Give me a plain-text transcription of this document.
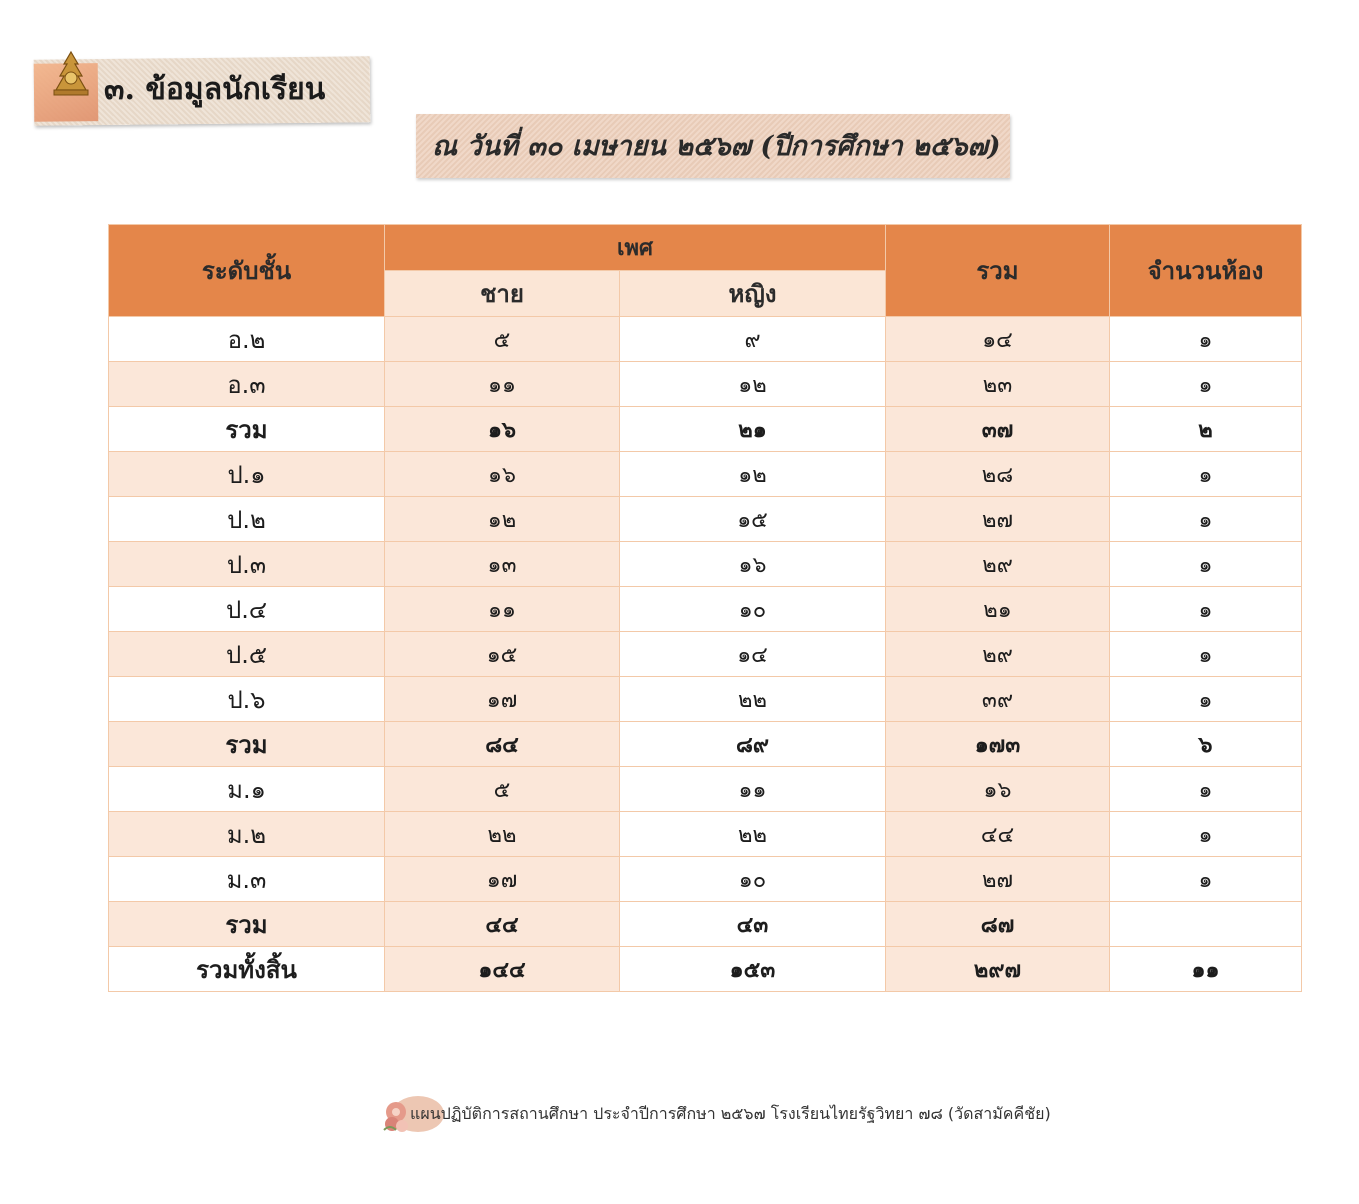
๓. ข้อมูลนักเรียน
ณ วันที่ ๓๐ เมษายน ๒๕๖๗ (ปีการศึกษา ๒๕๖๗)
ระดับชั้น	เพศ		รวม	จำนวนห้อง
	ชาย	หญิง		
อ.๒	๕	๙	๑๔	๑
อ.๓	๑๑	๑๒	๒๓	๑
รวม	๑๖	๒๑	๓๗	๒
ป.๑	๑๖	๑๒	๒๘	๑
ป.๒	๑๒	๑๕	๒๗	๑
ป.๓	๑๓	๑๖	๒๙	๑
ป.๔	๑๑	๑๐	๒๑	๑
ป.๕	๑๕	๑๔	๒๙	๑
ป.๖	๑๗	๒๒	๓๙	๑
รวม	๘๔	๘๙	๑๗๓	๖
ม.๑	๕	๑๑	๑๖	๑
ม.๒	๒๒	๒๒	๔๔	๑
ม.๓	๑๗	๑๐	๒๗	๑
รวม	๔๔	๔๓	๘๗	
รวมทั้งสิ้น	๑๔๔	๑๕๓	๒๙๗	๑๑
แผนปฏิบัติการสถานศึกษา ประจำปีการศึกษา ๒๕๖๗ โรงเรียนไทยรัฐวิทยา ๗๘ (วัดสามัคคีชัย)
